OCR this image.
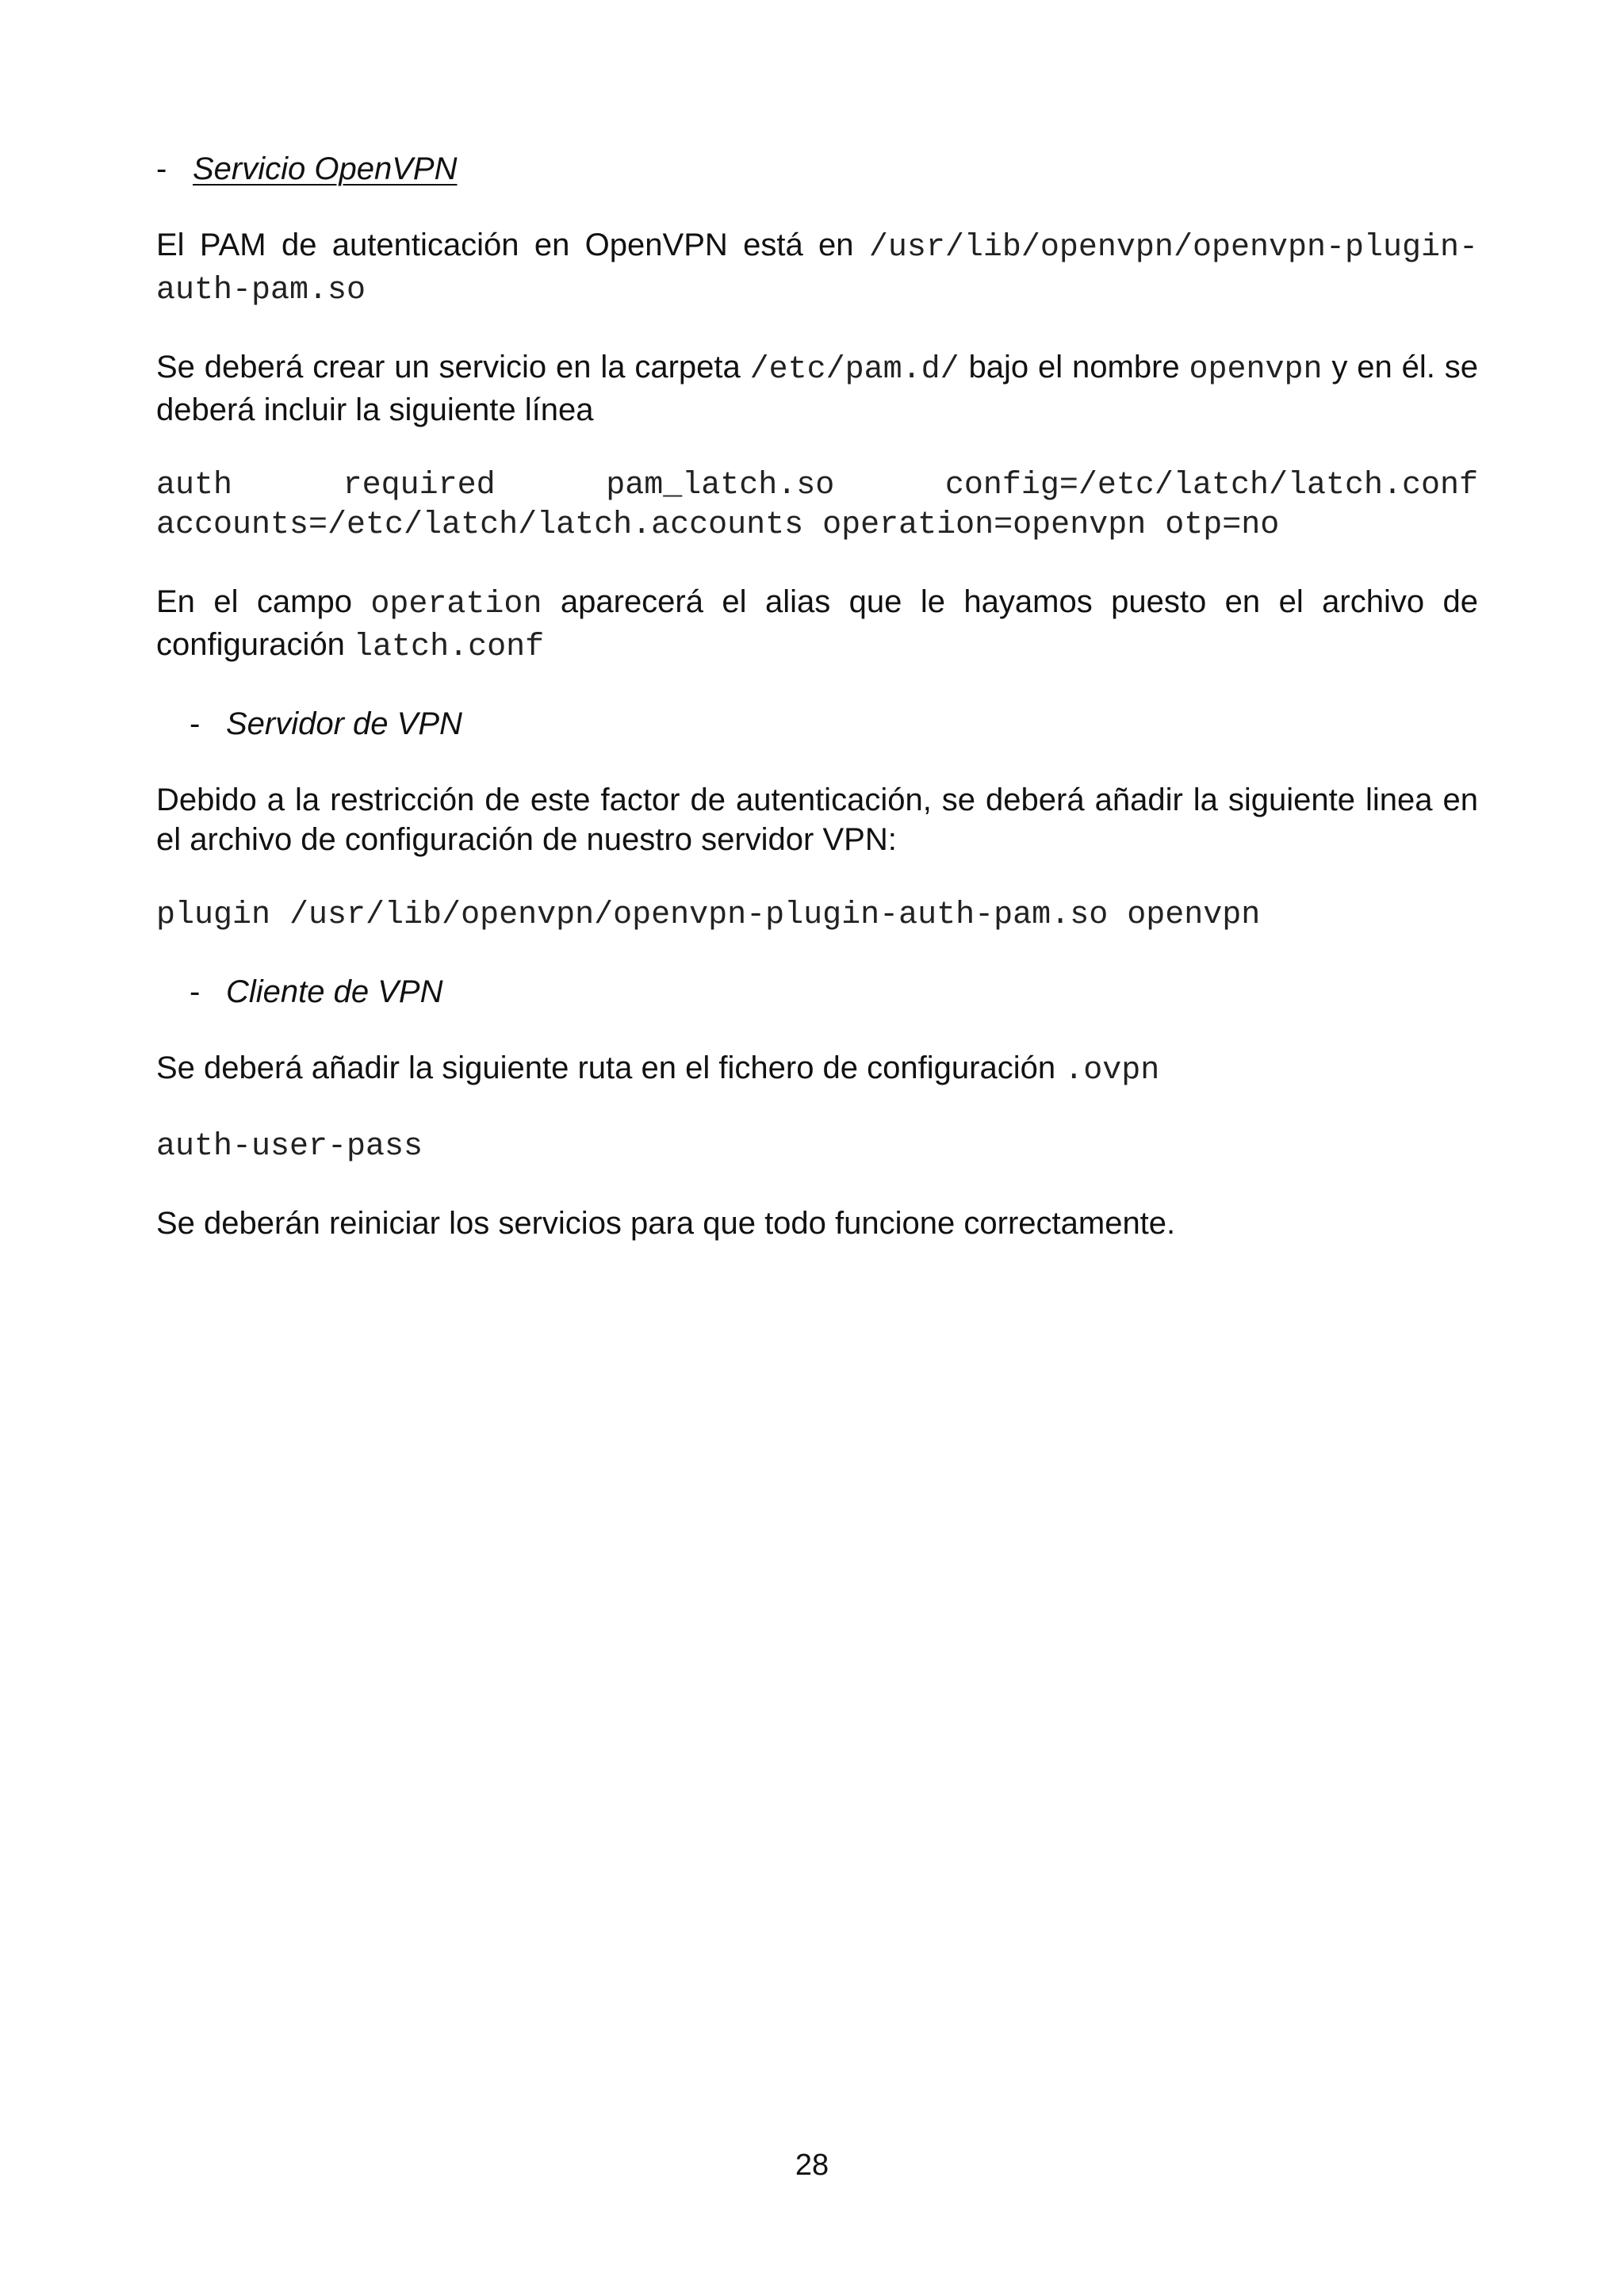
- Servicio OpenVPN
El PAM de autenticación en OpenVPN está en /usr/lib/openvpn/openvpn-plugin-auth-pam.so
Se deberá crear un servicio en la carpeta /etc/pam.d/ bajo el nombre openvpn y en él. se deberá incluir la siguiente línea
auth required pam_latch.so config=/etc/latch/latch.conf accounts=/etc/latch/latch.accounts operation=openvpn otp=no
En el campo operation aparecerá el alias que le hayamos puesto en el archivo de configuración latch.conf
- Servidor de VPN
Debido a la restricción de este factor de autenticación, se deberá añadir la siguiente linea en el archivo de configuración de nuestro servidor VPN:
plugin /usr/lib/openvpn/openvpn-plugin-auth-pam.so openvpn
- Cliente de VPN
Se deberá añadir la siguiente ruta en el fichero de configuración .ovpn
auth-user-pass
Se deberán reiniciar los servicios para que todo funcione correctamente.
28
